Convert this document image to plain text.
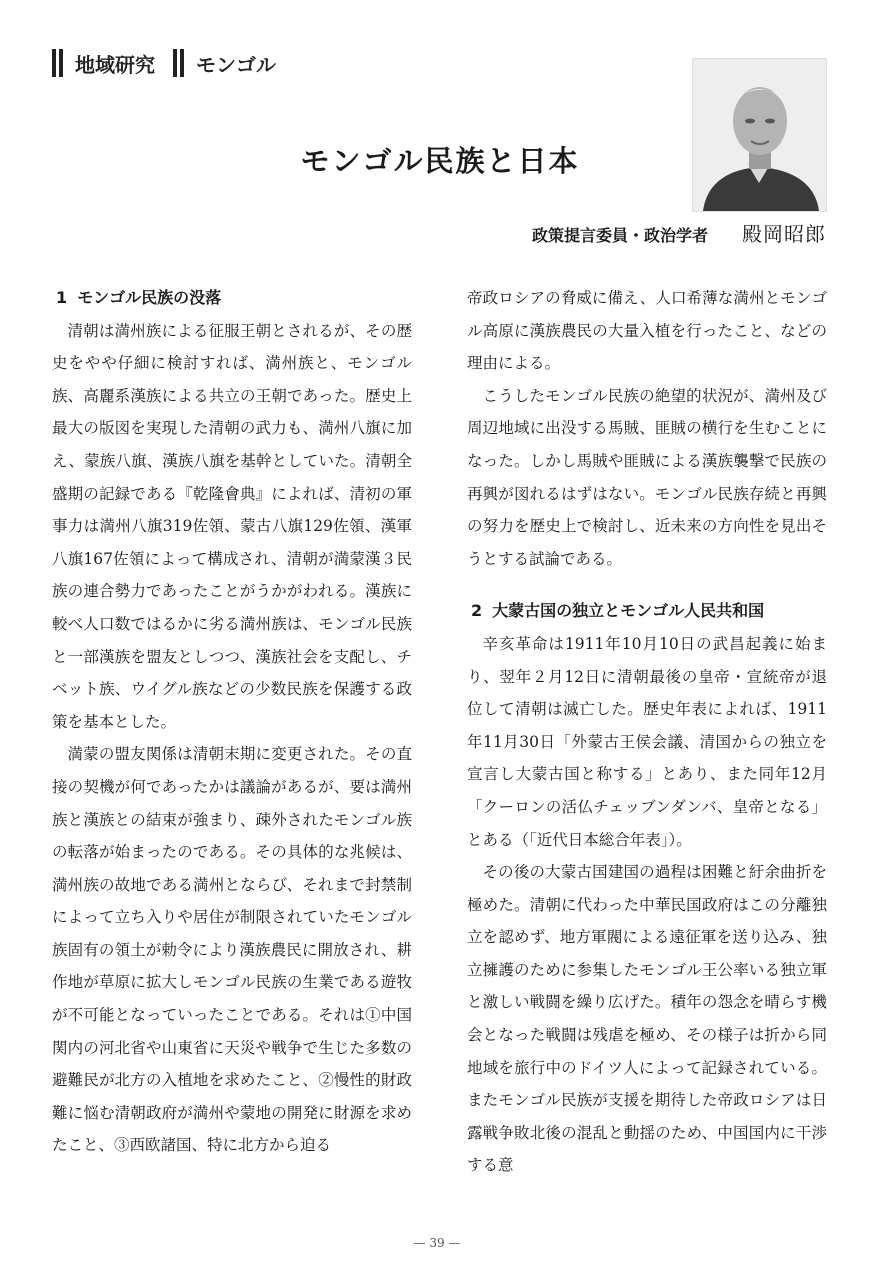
地域研究 モンゴル
モンゴル民族と日本
政策提言委員・政治学者 殿岡昭郎
1 モンゴル民族の没落

清朝は満州族による征服王朝とされるが、その歴史をやや仔細に検討すれば、満州族と、モンゴル族、高麗系漢族による共立の王朝であった。歴史上最大の版図を実現した清朝の武力も、満州八旗に加え、蒙族八旗、漢族八旗を基幹としていた。清朝全盛期の記録である『乾隆會典』によれば、清初の軍事力は満州八旗319佐領、蒙古八旗129佐領、漢軍八旗167佐領によって構成され、清朝が満蒙漢３民族の連合勢力であったことがうかがわれる。漢族に較べ人口数ではるかに劣る満州族は、モンゴル民族と一部漢族を盟友としつつ、漢族社会を支配し、チベット族、ウイグル族などの少数民族を保護する政策を基本とした。

満蒙の盟友関係は清朝末期に変更された。その直接の契機が何であったかは議論があるが、要は満州族と漢族との結束が強まり、疎外されたモンゴル族の転落が始まったのである。その具体的な兆候は、満州族の故地である満州とならび、それまで封禁制によって立ち入りや居住が制限されていたモンゴル族固有の領土が勅令により漢族農民に開放され、耕作地が草原に拡大しモンゴル民族の生業である遊牧が不可能となっていったことである。それは①中国関内の河北省や山東省に天災や戦争で生じた多数の避難民が北方の入植地を求めたこと、②慢性的財政難に悩む清朝政府が満州や蒙地の開発に財源を求めたこと、③西欧諸国、特に北方から迫る

帝政ロシアの脅威に備え、人口希薄な満州とモンゴル高原に漢族農民の大量入植を行ったこと、などの理由による。

こうしたモンゴル民族の絶望的状況が、満州及び周辺地域に出没する馬賊、匪賊の横行を生むことになった。しかし馬賊や匪賊による漢族襲撃で民族の再興が図れるはずはない。モンゴル民族存続と再興の努力を歴史上で検討し、近未来の方向性を見出そうとする試論である。

2 大蒙古国の独立とモンゴル人民共和国

辛亥革命は1911年10月10日の武昌起義に始まり、翌年２月12日に清朝最後の皇帝・宣統帝が退位して清朝は滅亡した。歴史年表によれば、1911年11月30日「外蒙古王侯会議、清国からの独立を宣言し大蒙古国と称する」とあり、また同年12月「クーロンの活仏チェッブンダンバ、皇帝となる」とある（「近代日本総合年表」）。

その後の大蒙古国建国の過程は困難と紆余曲折を極めた。清朝に代わった中華民国政府はこの分離独立を認めず、地方軍閥による遠征軍を送り込み、独立擁護のために参集したモンゴル王公率いる独立軍と激しい戦闘を繰り広げた。積年の怨念を晴らす機会となった戦闘は残虐を極め、その様子は折から同地域を旅行中のドイツ人によって記録されている。またモンゴル民族が支援を期待した帝政ロシアは日露戦争敗北後の混乱と動揺のため、中国国内に干渉する意

— 39 —
